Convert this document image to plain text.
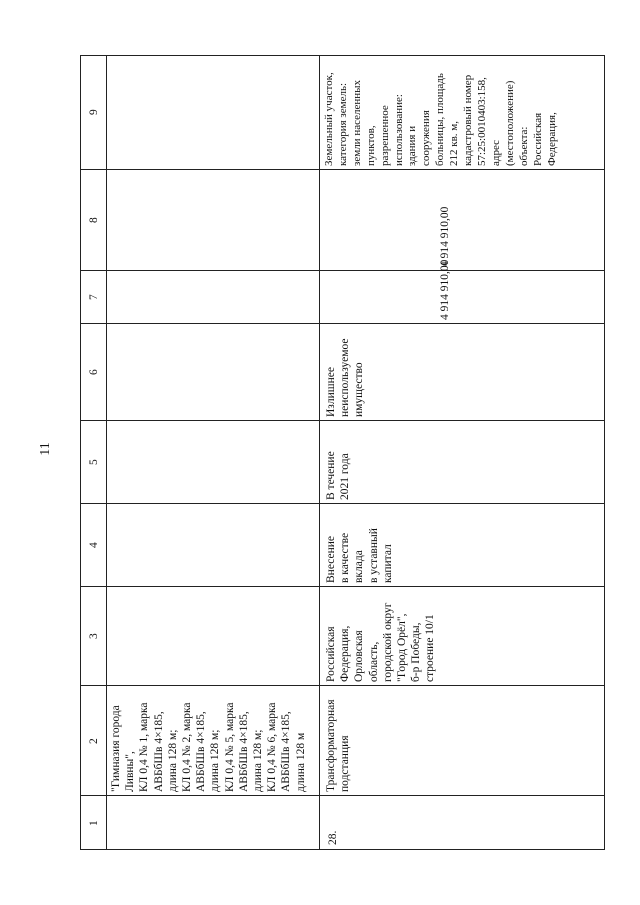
11
9
8
7
6
5
4
3
2
1
"Гимназия города Ливны", КЛ 0,4 № 1, марка АВБбШв 4×185, длина 128 м; КЛ 0,4 № 2, марка АВБбШв 4×185, длина 128 м; КЛ 0,4 № 5, марка АВБбШв 4×185, длина 128 м; КЛ 0,4 № 6, марка АВБбШв 4×185, длина 128 м
28.
Трансформаторная подстанция
Российская Федерация, Орловская область, городской округ "Город Орёл", б-р Победы, строение 10/1
Внесение в качестве вклада в уставный капитал
В течение 2021 года
Излишнее неиспользуемое имущество
4 914 910,00
4 914 910,00
Земельный участок, категория земель: земли населенных пунктов, разрешенное использование: здания и сооружения больницы, площадь 212 кв. м, кадастровый номер 57:25:0010403:158, адрес (местоположение) объекта: Российская Федерация,
